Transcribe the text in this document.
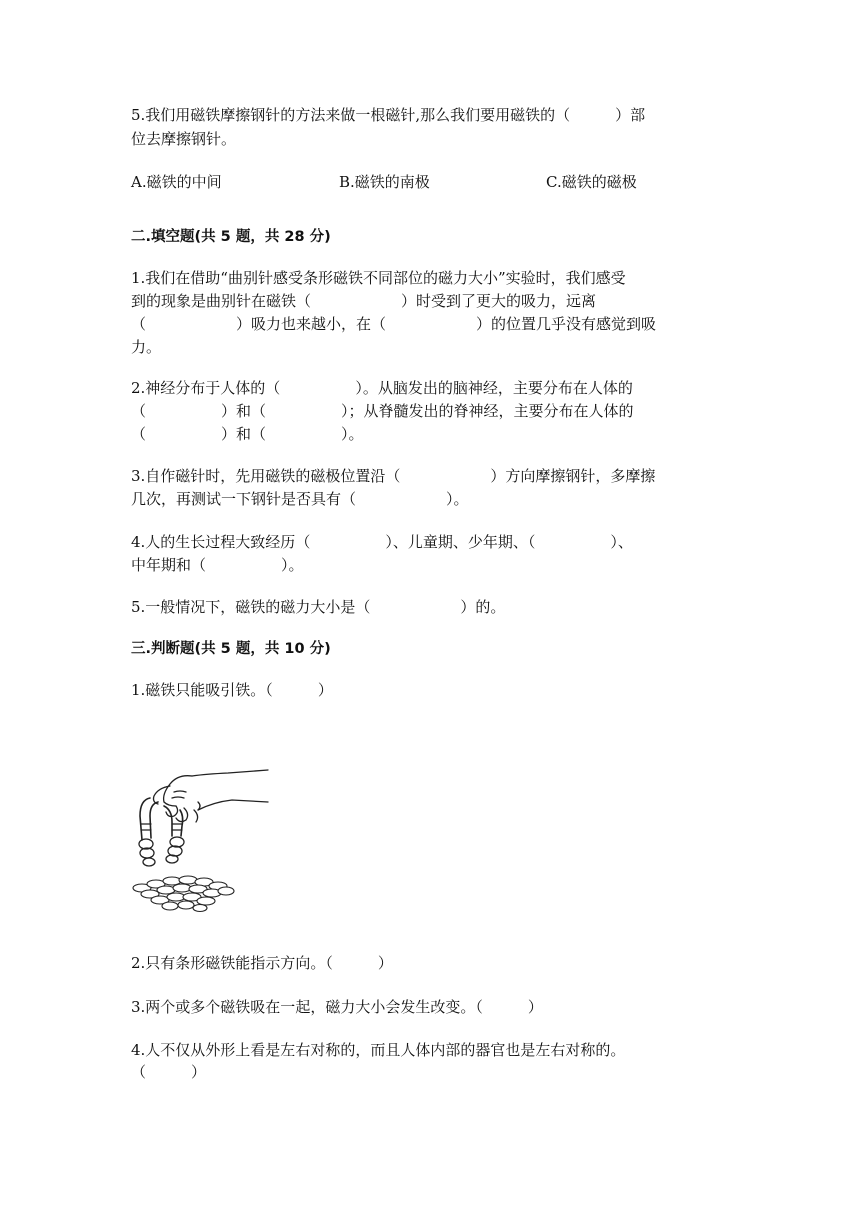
5.我们用磁铁摩擦钢针的方法来做一根磁针,那么我们要用磁铁的（　　　）部
位去摩擦钢针。
A.磁铁的中间	B.磁铁的南极	C.磁铁的磁极
二.填空题(共 5 题，共 28 分)
1.我们在借助“曲别针感受条形磁铁不同部位的磁力大小”实验时，我们感受
到的现象是曲别针在磁铁（　　　　　　）时受到了更大的吸力，远离
（　　　　　　）吸力也来越小，在（　　　　　　）的位置几乎没有感觉到吸
力。
2.神经分布于人体的（　　　　　）。从脑发出的脑神经，主要分布在人体的
（　　　　　）和（　　　　　）；从脊髓发出的脊神经，主要分布在人体的
（　　　　　）和（　　　　　）。
3.自作磁针时，先用磁铁的磁极位置沿（　　　　　　）方向摩擦钢针，多摩擦
几次，再测试一下钢针是否具有（　　　　　　）。
4.人的生长过程大致经历（　　　　　）、儿童期、少年期、（　　　　　）、
中年期和（　　　　　）。
5.一般情况下，磁铁的磁力大小是（　　　　　　）的。
三.判断题(共 5 题，共 10 分)
1.磁铁只能吸引铁。（　　　）
2.只有条形磁铁能指示方向。（　　　）
3.两个或多个磁铁吸在一起，磁力大小会发生改变。（　　　）
4.人不仅从外形上看是左右对称的，而且人体内部的器官也是左右对称的。
（　　　）
